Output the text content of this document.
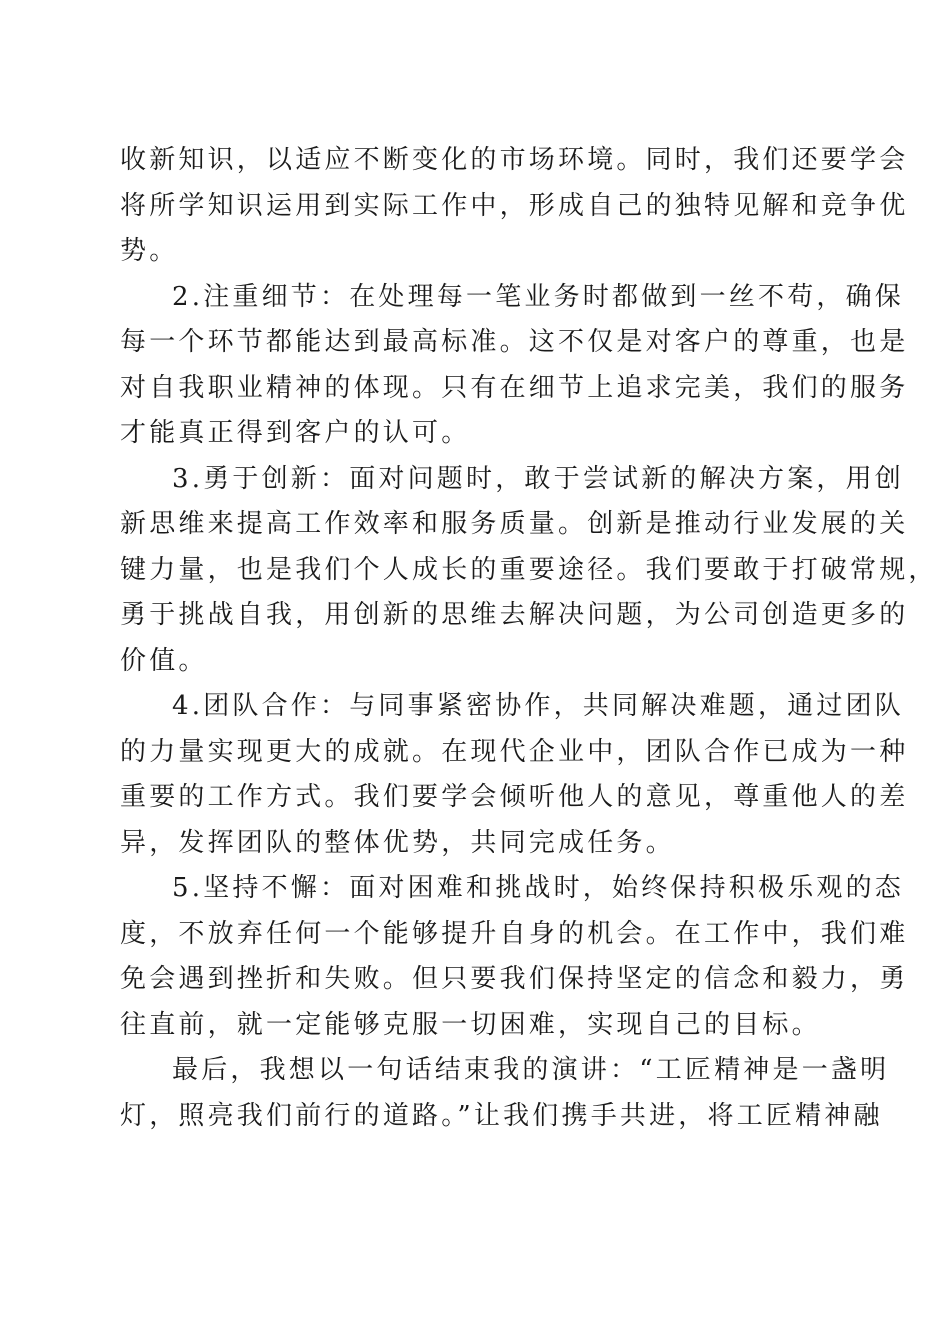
收新知识，以适应不断变化的市场环境。同时，我们还要学会
将所学知识运用到实际工作中，形成自己的独特见解和竞争优
势。
2.注重细节：在处理每一笔业务时都做到一丝不苟，确保
每一个环节都能达到最高标准。这不仅是对客户的尊重，也是
对自我职业精神的体现。只有在细节上追求完美，我们的服务
才能真正得到客户的认可。
3.勇于创新：面对问题时，敢于尝试新的解决方案，用创
新思维来提高工作效率和服务质量。创新是推动行业发展的关
键力量，也是我们个人成长的重要途径。我们要敢于打破常规，
勇于挑战自我，用创新的思维去解决问题，为公司创造更多的
价值。
4.团队合作：与同事紧密协作，共同解决难题，通过团队
的力量实现更大的成就。在现代企业中，团队合作已成为一种
重要的工作方式。我们要学会倾听他人的意见，尊重他人的差
异，发挥团队的整体优势，共同完成任务。
5.坚持不懈：面对困难和挑战时，始终保持积极乐观的态
度，不放弃任何一个能够提升自身的机会。在工作中，我们难
免会遇到挫折和失败。但只要我们保持坚定的信念和毅力，勇
往直前，就一定能够克服一切困难，实现自己的目标。
最后，我想以一句话结束我的演讲：“工匠精神是一盏明
灯，照亮我们前行的道路。”让我们携手共进，将工匠精神融
